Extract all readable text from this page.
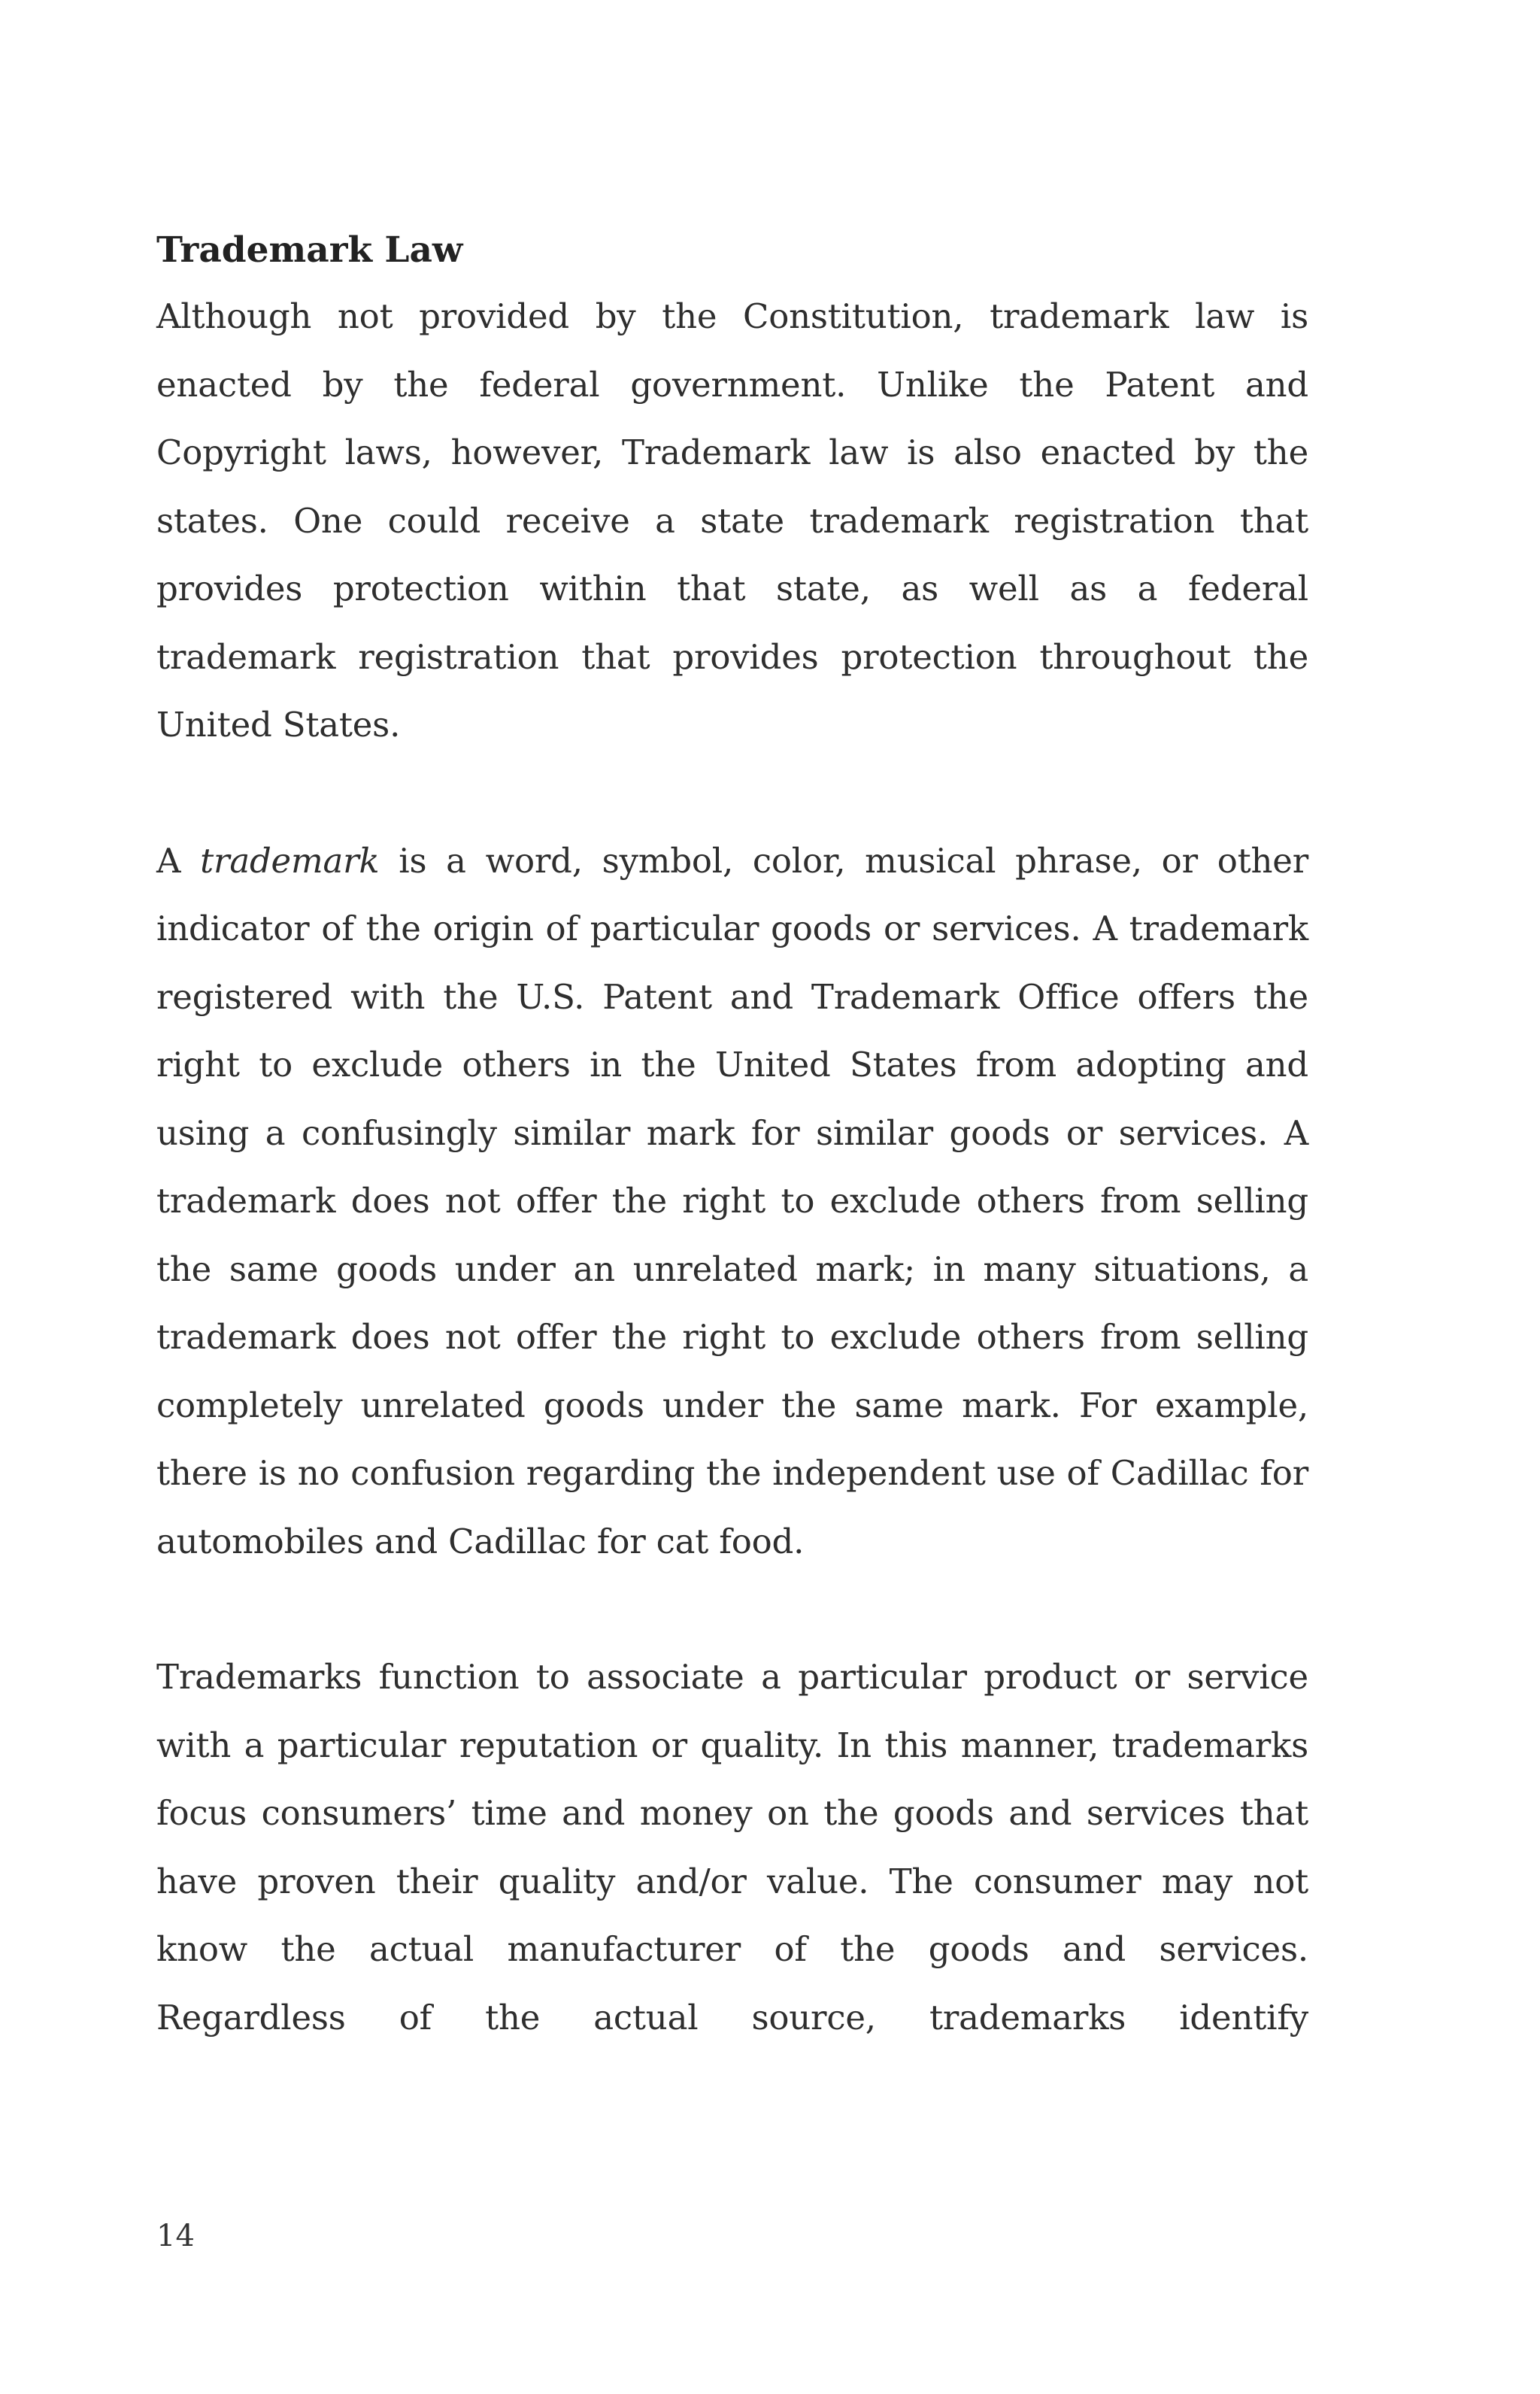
Trademark Law

Although not provided by the Constitution, trademark law is enacted by the federal government. Unlike the Patent and Copyright laws, however, Trademark law is also enacted by the states. One could receive a state trademark registration that provides protection within that state, as well as a federal trademark registration that provides protection throughout the United States.

A trademark is a word, symbol, color, musical phrase, or other indicator of the origin of particular goods or services. A trademark registered with the U.S. Patent and Trademark Office offers the right to exclude others in the United States from adopting and using a confusingly similar mark for similar goods or services. A trademark does not offer the right to exclude others from selling the same goods under an unrelated mark; in many situations, a trademark does not offer the right to exclude others from selling completely unrelated goods under the same mark. For example, there is no confusion regarding the independent use of Cadillac for automobiles and Cadillac for cat food.

Trademarks function to associate a particular product or service with a particular reputation or quality. In this manner, trademarks focus consumers’ time and money on the goods and services that have proven their quality and/or value. The consumer may not know the actual manufacturer of the goods and services. Regardless of the actual source, trademarks identify

14
